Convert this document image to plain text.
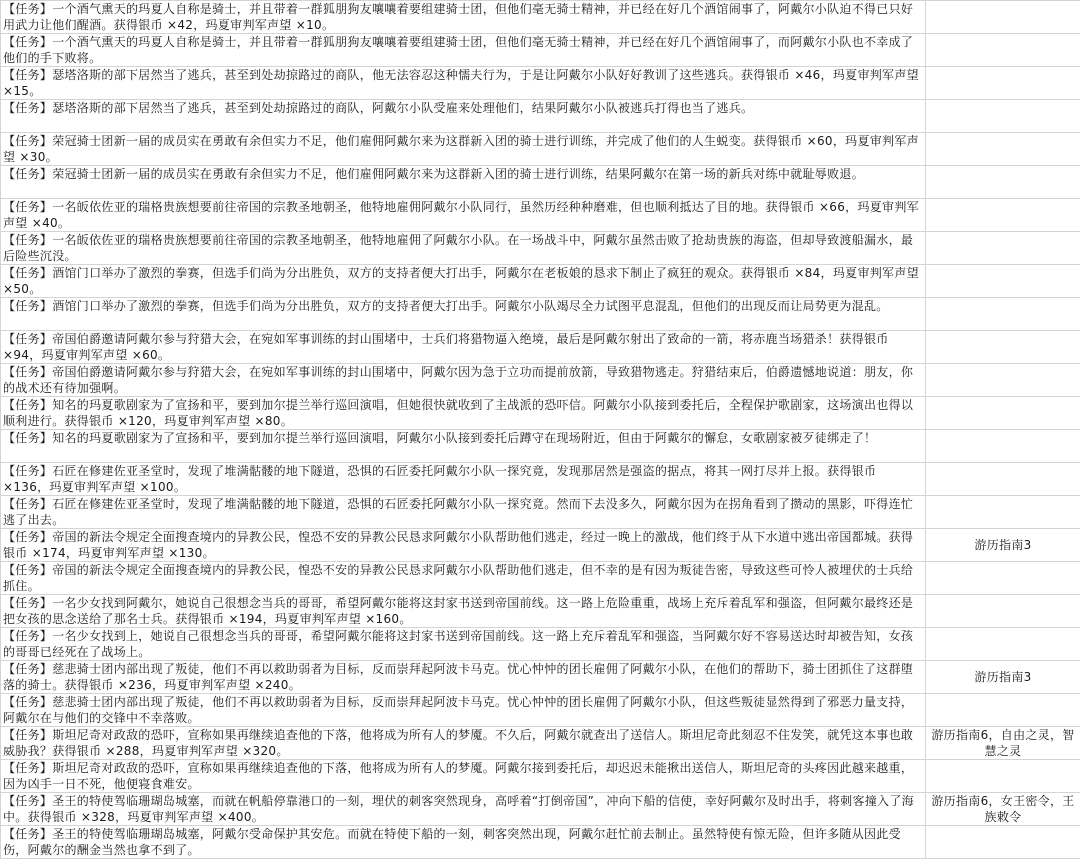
【任务】一个酒气熏天的玛夏人自称是骑士，并且带着一群狐朋狗友嚷嚷着要组建骑士团，但他们毫无骑士精神，并已经在好几个酒馆闹事了，阿戴尔小队迫不得已只好用武力让他们醒酒。获得银币 ×42，玛夏审判军声望 ×10。	
【任务】一个酒气熏天的玛夏人自称是骑士，并且带着一群狐朋狗友嚷嚷着要组建骑士团，但他们毫无骑士精神，并已经在好几个酒馆闹事了，而阿戴尔小队也不幸成了他们的手下败将。	
【任务】瑟塔洛斯的部下居然当了逃兵，甚至到处劫掠路过的商队，他无法容忍这种懦夫行为，于是让阿戴尔小队好好教训了这些逃兵。获得银币 ×46，玛夏审判军声望 ×15。	
【任务】瑟塔洛斯的部下居然当了逃兵，甚至到处劫掠路过的商队，阿戴尔小队受雇来处理他们，结果阿戴尔小队被逃兵打得也当了逃兵。	
【任务】荣冠骑士团新一届的成员实在勇敢有余但实力不足，他们雇佣阿戴尔来为这群新入团的骑士进行训练，并完成了他们的人生蜕变。获得银币 ×60，玛夏审判军声望 ×30。	
【任务】荣冠骑士团新一届的成员实在勇敢有余但实力不足，他们雇佣阿戴尔来为这群新入团的骑士进行训练，结果阿戴尔在第一场的新兵对练中就耻辱败退。	
【任务】一名皈依佐亚的瑞格贵族想要前往帝国的宗教圣地朝圣，他特地雇佣阿戴尔小队同行，虽然历经种种磨难，但也顺利抵达了目的地。获得银币 ×66，玛夏审判军声望 ×40。	
【任务】一名皈依佐亚的瑞格贵族想要前往帝国的宗教圣地朝圣，他特地雇佣了阿戴尔小队。在一场战斗中，阿戴尔虽然击败了抢劫贵族的海盗，但却导致渡船漏水，最后险些沉没。	
【任务】酒馆门口举办了激烈的拳赛，但选手们尚为分出胜负，双方的支持者便大打出手，阿戴尔在老板娘的恳求下制止了疯狂的观众。获得银币 ×84，玛夏审判军声望 ×50。	
【任务】酒馆门口举办了激烈的拳赛，但选手们尚为分出胜负，双方的支持者便大打出手。阿戴尔小队竭尽全力试图平息混乱，但他们的出现反而让局势更为混乱。	
【任务】帝国伯爵邀请阿戴尔参与狩猎大会，在宛如军事训练的封山围堵中，士兵们将猎物逼入绝境，最后是阿戴尔射出了致命的一箭，将赤鹿当场猎杀！获得银币 ×94，玛夏审判军声望 ×60。	
【任务】帝国伯爵邀请阿戴尔参与狩猎大会，在宛如军事训练的封山围堵中，阿戴尔因为急于立功而提前放箭，导致猎物逃走。狩猎结束后，伯爵遗憾地说道：朋友，你的战术还有待加强啊。	
【任务】知名的玛夏歌剧家为了宣扬和平，要到加尔提兰举行巡回演唱，但她很快就收到了主战派的恐吓信。阿戴尔小队接到委托后，全程保护歌剧家，这场演出也得以顺利进行。获得银币 ×120，玛夏审判军声望 ×80。	
【任务】知名的玛夏歌剧家为了宣扬和平，要到加尔提兰举行巡回演唱，阿戴尔小队接到委托后蹲守在现场附近，但由于阿戴尔的懈怠，女歌剧家被歹徒绑走了！	
【任务】石匠在修建佐亚圣堂时，发现了堆满骷髅的地下隧道，恐惧的石匠委托阿戴尔小队一探究竟，发现那居然是强盗的据点，将其一网打尽并上报。获得银币 ×136，玛夏审判军声望 ×100。	
【任务】石匠在修建佐亚圣堂时，发现了堆满骷髅的地下隧道，恐惧的石匠委托阿戴尔小队一探究竟。然而下去没多久，阿戴尔因为在拐角看到了攒动的黑影，吓得连忙逃了出去。	
【任务】帝国的新法令规定全面搜查境内的异教公民，惶恐不安的异教公民恳求阿戴尔小队帮助他们逃走，经过一晚上的激战，他们终于从下水道中逃出帝国都城。获得银币 ×174，玛夏审判军声望 ×130。	游历指南3
【任务】帝国的新法令规定全面搜查境内的异教公民，惶恐不安的异教公民恳求阿戴尔小队帮助他们逃走，但不幸的是有因为叛徒告密，导致这些可怜人被埋伏的士兵给抓住。	
【任务】一名少女找到阿戴尔，她说自己很想念当兵的哥哥，希望阿戴尔能将这封家书送到帝国前线。这一路上危险重重，战场上充斥着乱军和强盗，但阿戴尔最终还是把女孩的思念送给了那名士兵。获得银币 ×194，玛夏审判军声望 ×160。	
【任务】一名少女找到上，她说自己很想念当兵的哥哥，希望阿戴尔能将这封家书送到帝国前线。这一路上充斥着乱军和强盗，当阿戴尔好不容易送达时却被告知，女孩的哥哥已经死在了战场上。	
【任务】慈悲骑士团内部出现了叛徒，他们不再以救助弱者为目标，反而崇拜起阿波卡马克。忧心忡忡的团长雇佣了阿戴尔小队，在他们的帮助下，骑士团抓住了这群堕落的骑士。获得银币 ×236，玛夏审判军声望 ×240。	游历指南3
【任务】慈悲骑士团内部出现了叛徒，他们不再以救助弱者为目标，反而崇拜起阿波卡马克。忧心忡忡的团长雇佣了阿戴尔小队，但这些叛徒显然得到了邪恶力量支持，阿戴尔在与他们的交锋中不幸落败。	
【任务】斯坦尼奇对政敌的恐吓，宣称如果再继续追查他的下落，他将成为所有人的梦魇。不久后，阿戴尔就查出了送信人。斯坦尼奇此刻忍不住发笑，就凭这本事也敢威胁我？获得银币 ×288，玛夏审判军声望 ×320。	游历指南6，自由之灵，智慧之灵
【任务】斯坦尼奇对政敌的恐吓，宣称如果再继续追查他的下落，他将成为所有人的梦魇。阿戴尔接到委托后，却迟迟未能揪出送信人，斯坦尼奇的头疼因此越来越重，因为凶手一日不死，他便寝食难安。	
【任务】圣王的特使驾临珊瑚岛城塞，而就在帆船停靠港口的一刻，埋伏的刺客突然现身，高呼着“打倒帝国”，冲向下船的信使，幸好阿戴尔及时出手，将刺客撞入了海中。获得银币 ×328，玛夏审判军声望 ×400。	游历指南6，女王密令，王族敕令
【任务】圣王的特使驾临珊瑚岛城塞，阿戴尔受命保护其安危。而就在特使下船的一刻，刺客突然出现，阿戴尔赶忙前去制止。虽然特使有惊无险，但许多随从因此受伤，阿戴尔的酬金当然也拿不到了。	
